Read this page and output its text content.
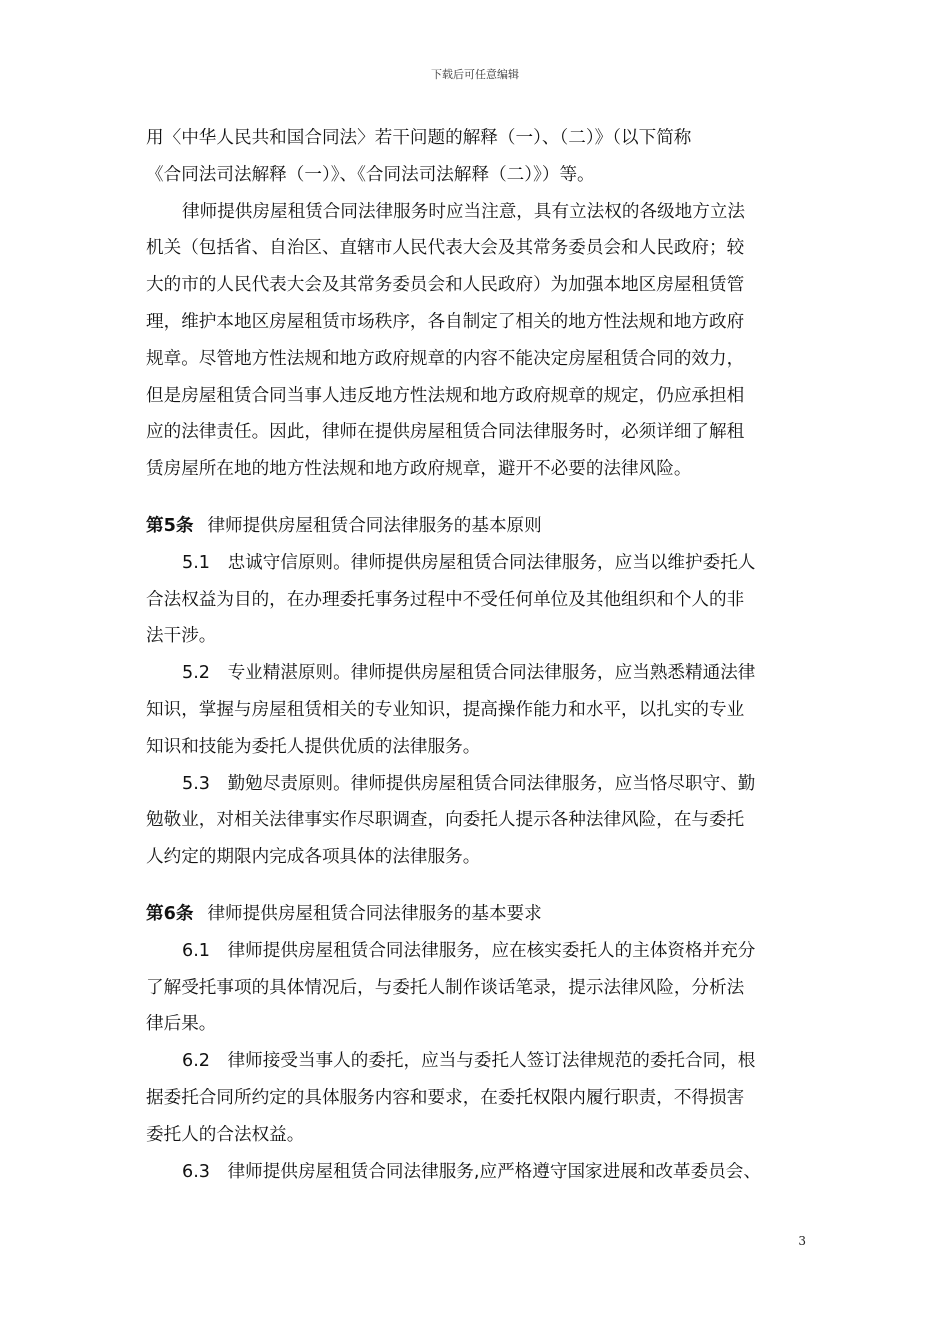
下载后可任意编辑
用〈中华人民共和国合同法〉若干问题的解释（一）、（二）》（以下简称
《合同法司法解释（一）》、《合同法司法解释（二）》）等。
律师提供房屋租赁合同法律服务时应当注意，具有立法权的各级地方立法
机关（包括省、自治区、直辖市人民代表大会及其常务委员会和人民政府；较
大的市的人民代表大会及其常务委员会和人民政府）为加强本地区房屋租赁管
理，维护本地区房屋租赁市场秩序，各自制定了相关的地方性法规和地方政府
规章。尽管地方性法规和地方政府规章的内容不能决定房屋租赁合同的效力，
但是房屋租赁合同当事人违反地方性法规和地方政府规章的规定，仍应承担相
应的法律责任。因此，律师在提供房屋租赁合同法律服务时，必须详细了解租
赁房屋所在地的地方性法规和地方政府规章，避开不必要的法律风险。
第5条 律师提供房屋租赁合同法律服务的基本原则
5.1　忠诚守信原则。律师提供房屋租赁合同法律服务，应当以维护委托人
合法权益为目的，在办理委托事务过程中不受任何单位及其他组织和个人的非
法干涉。
5.2　专业精湛原则。律师提供房屋租赁合同法律服务，应当熟悉精通法律
知识，掌握与房屋租赁相关的专业知识，提高操作能力和水平，以扎实的专业
知识和技能为委托人提供优质的法律服务。
5.3　勤勉尽责原则。律师提供房屋租赁合同法律服务，应当恪尽职守、勤
勉敬业，对相关法律事实作尽职调查，向委托人提示各种法律风险，在与委托
人约定的期限内完成各项具体的法律服务。
第6条 律师提供房屋租赁合同法律服务的基本要求
6.1　律师提供房屋租赁合同法律服务，应在核实委托人的主体资格并充分
了解受托事项的具体情况后，与委托人制作谈话笔录，提示法律风险，分析法
律后果。
6.2　律师接受当事人的委托，应当与委托人签订法律规范的委托合同，根
据委托合同所约定的具体服务内容和要求，在委托权限内履行职责，不得损害
委托人的合法权益。
6.3　律师提供房屋租赁合同法律服务,应严格遵守国家进展和改革委员会、
3
